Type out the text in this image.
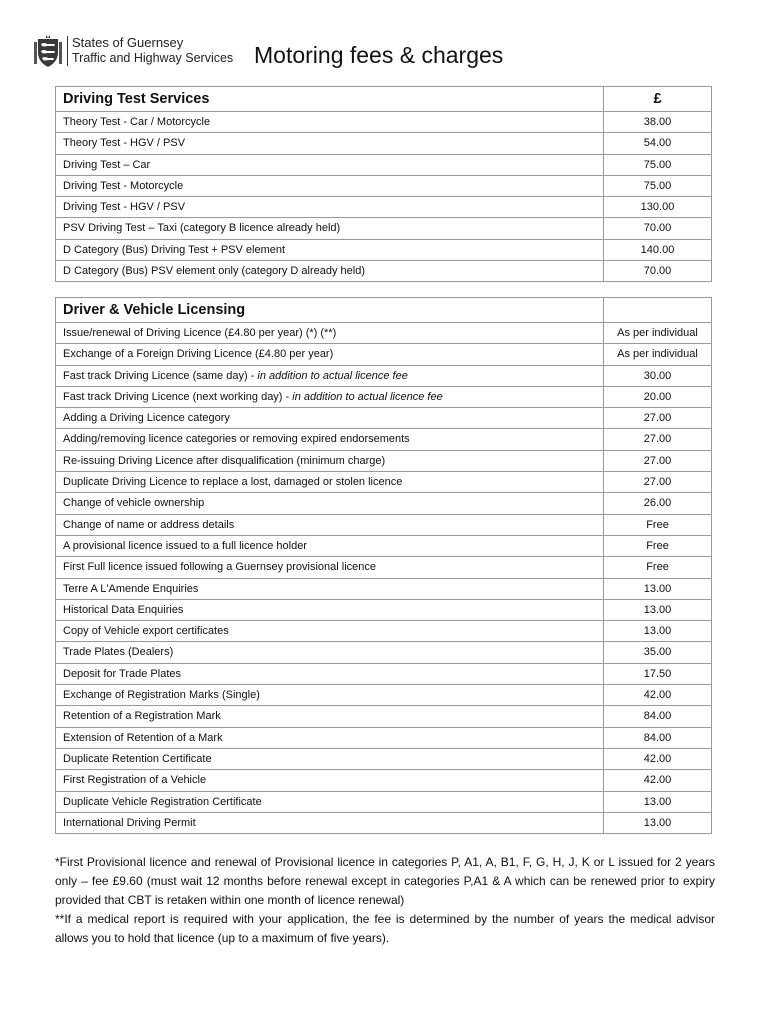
States of Guernsey
Traffic and Highway Services Motoring fees & charges
Driving Test Services	£
Theory Test - Car / Motorcycle	38.00
Theory Test - HGV / PSV	54.00
Driving Test – Car	75.00
Driving Test - Motorcycle	75.00
Driving Test - HGV / PSV	130.00
PSV Driving Test – Taxi (category B licence already held)	70.00
D Category (Bus) Driving Test + PSV element	140.00
D Category (Bus) PSV element only (category D already held)	70.00
Driver & Vehicle Licensing	
Issue/renewal of Driving Licence (£4.80 per year) (*) (**)	As per individual
Exchange of a Foreign Driving Licence (£4.80 per year)	As per individual
Fast track Driving Licence (same day) - in addition to actual licence fee	30.00
Fast track Driving Licence (next working day) - in addition to actual licence fee	20.00
Adding a Driving Licence category	27.00
Adding/removing licence categories or removing expired endorsements	27.00
Re-issuing Driving Licence after disqualification (minimum charge)	27.00
Duplicate Driving Licence to replace a lost, damaged or stolen licence	27.00
Change of vehicle ownership	26.00
Change of name or address details	Free
A provisional licence issued to a full licence holder	Free
First Full licence issued following a Guernsey provisional licence	Free
Terre A L'Amende Enquiries	13.00
Historical Data Enquiries	13.00
Copy of Vehicle export certificates	13.00
Trade Plates (Dealers)	35.00
Deposit for Trade Plates	17.50
Exchange of Registration Marks (Single)	42.00
Retention of a Registration Mark	84.00
Extension of Retention of a Mark	84.00
Duplicate Retention Certificate	42.00
First Registration of a Vehicle	42.00
Duplicate Vehicle Registration Certificate	13.00
International Driving Permit	13.00

*First Provisional licence and renewal of Provisional licence in categories P, A1, A, B1, F, G, H, J, K or L issued for 2 years only – fee £9.60 (must wait 12 months before renewal except in categories P,A1 & A which can be renewed prior to expiry provided that CBT is retaken within one month of licence renewal)

**If a medical report is required with your application, the fee is determined by the number of years the medical advisor allows you to hold that licence (up to a maximum of five years).
